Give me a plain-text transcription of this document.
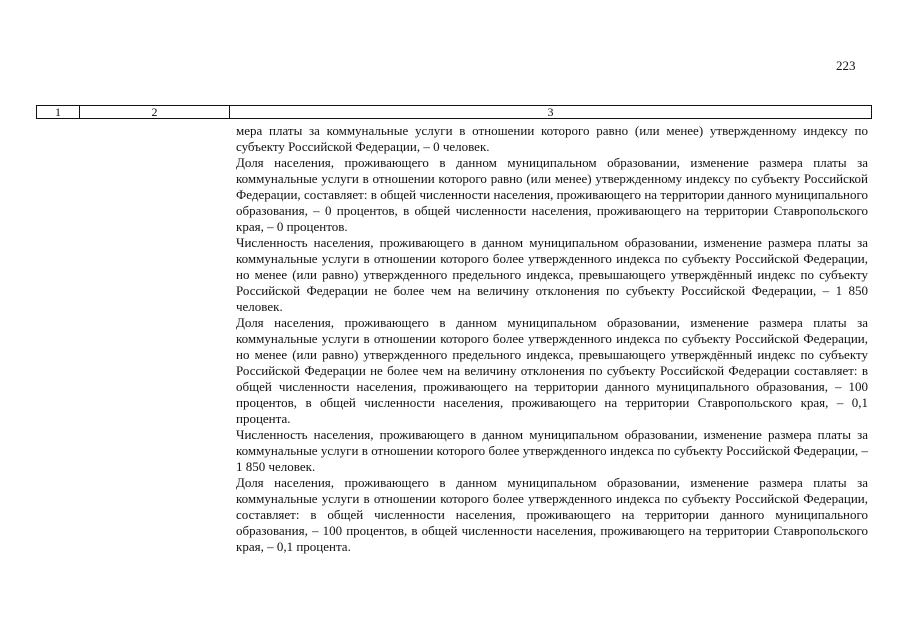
223
1	2	3

мера платы за коммунальные услуги в отношении которого равно (или менее) утвержденному индексу по субъекту Российской Федерации, – 0 человек.

Доля населения, проживающего в данном муниципальном образовании, изменение размера платы за коммунальные услуги в отношении которого равно (или менее) утвержденному индексу по субъекту Российской Федерации, составляет: в общей численности населения, проживающего на территории данного муниципального образования, – 0 процентов, в общей численности населения, проживающего на территории Ставропольского края, – 0 процентов.

Численность населения, проживающего в данном муниципальном образовании, изменение размера платы за коммунальные услуги в отношении которого более утвержденного индекса по субъекту Российской Федерации, но менее (или равно) утвержденного предельного индекса, превышающего утверждённый индекс по субъекту Российской Федерации не более чем на величину отклонения по субъекту Российской Федерации, – 1 850 человек.

Доля населения, проживающего в данном муниципальном образовании, изменение размера платы за коммунальные услуги в отношении которого более утвержденного индекса по субъекту Российской Федерации, но менее (или равно) утвержденного предельного индекса, превышающего утверждённый индекс по субъекту Российской Федерации не более чем на величину отклонения по субъекту Российской Федерации составляет: в общей численности населения, проживающего на территории данного муниципального образования, – 100 процентов, в общей численности населения, проживающего на территории Ставропольского края, – 0,1 процента.

Численность населения, проживающего в данном муниципальном образовании, изменение размера платы за коммунальные услуги в отношении которого более утвержденного индекса по субъекту Российской Федерации, – 1 850 человек.

Доля населения, проживающего в данном муниципальном образовании, изменение размера платы за коммунальные услуги в отношении которого более утвержденного индекса по субъекту Российской Федерации, составляет: в общей численности населения, проживающего на территории данного муниципального образования, – 100 процентов, в общей численности населения, проживающего на территории Ставропольского края, – 0,1 процента.
